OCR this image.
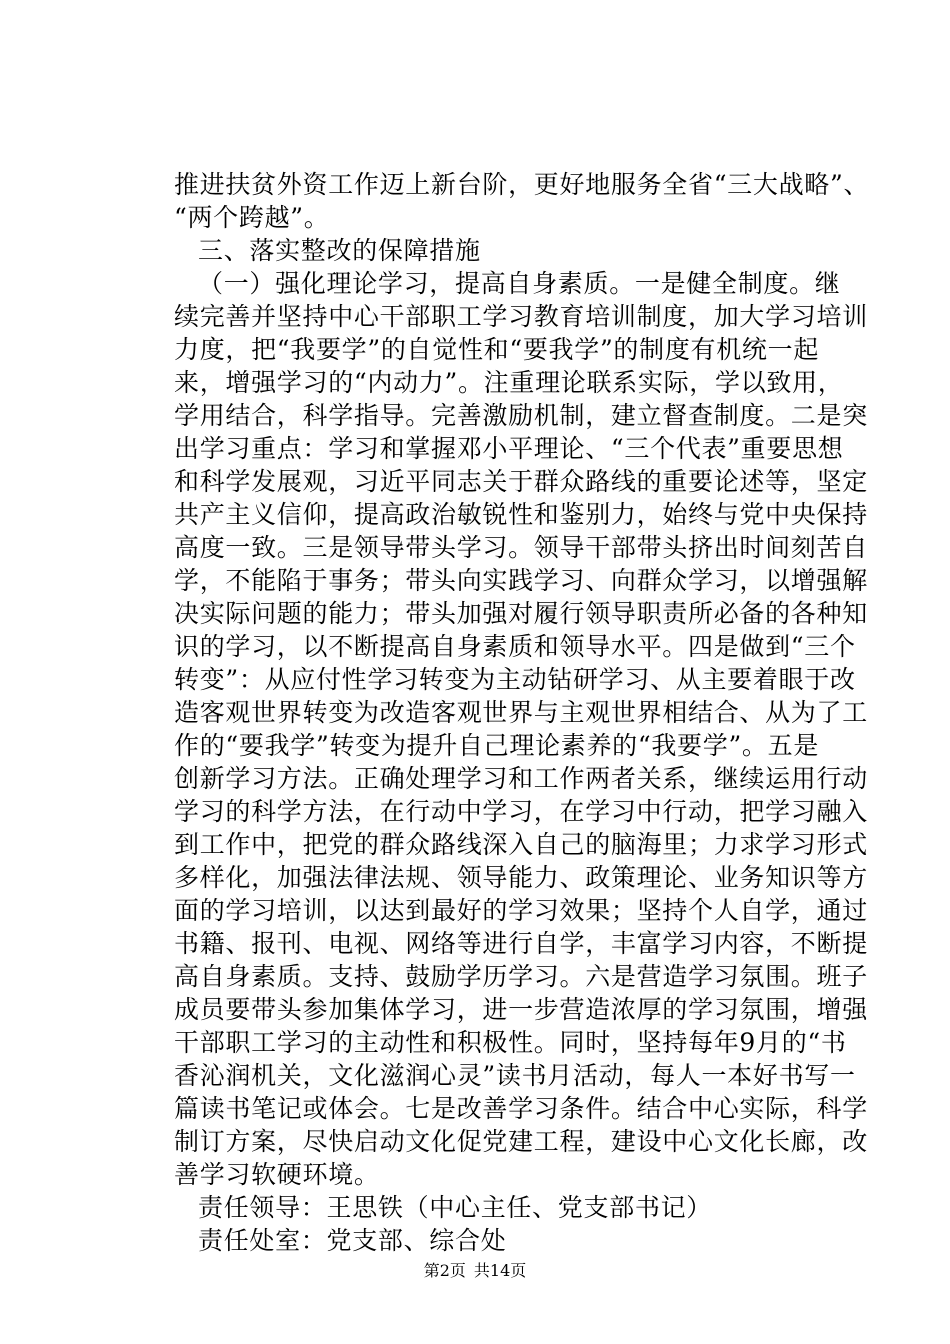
推进扶贫外资工作迈上新台阶，更好地服务全省“三大战略”、
“两个跨越”。
三、落实整改的保障措施
（一）强化理论学习，提高自身素质。一是健全制度。继
续完善并坚持中心干部职工学习教育培训制度，加大学习培训
力度，把“我要学”的自觉性和“要我学”的制度有机统一起
来，增强学习的“内动力”。注重理论联系实际，学以致用，
学用结合，科学指导。完善激励机制，建立督查制度。二是突
出学习重点：学习和掌握邓小平理论、“三个代表”重要思想
和科学发展观，习近平同志关于群众路线的重要论述等，坚定
共产主义信仰，提高政治敏锐性和鉴别力，始终与党中央保持
高度一致。三是领导带头学习。领导干部带头挤出时间刻苦自
学，不能陷于事务；带头向实践学习、向群众学习，以增强解
决实际问题的能力；带头加强对履行领导职责所必备的各种知
识的学习，以不断提高自身素质和领导水平。四是做到“三个
转变”：从应付性学习转变为主动钻研学习、从主要着眼于改
造客观世界转变为改造客观世界与主观世界相结合、从为了工
作的“要我学”转变为提升自己理论素养的“我要学”。五是
创新学习方法。正确处理学习和工作两者关系，继续运用行动
学习的科学方法，在行动中学习，在学习中行动，把学习融入
到工作中，把党的群众路线深入自己的脑海里；力求学习形式
多样化，加强法律法规、领导能力、政策理论、业务知识等方
面的学习培训，以达到最好的学习效果；坚持个人自学，通过
书籍、报刊、电视、网络等进行自学，丰富学习内容，不断提
高自身素质。支持、鼓励学历学习。六是营造学习氛围。班子
成员要带头参加集体学习，进一步营造浓厚的学习氛围，增强
干部职工学习的主动性和积极性。同时，坚持每年9月的“书
香沁润机关，文化滋润心灵”读书月活动，每人一本好书写一
篇读书笔记或体会。七是改善学习条件。结合中心实际，科学
制订方案，尽快启动文化促党建工程，建设中心文化长廊，改
善学习软硬环境。
责任领导：王思铁（中心主任、党支部书记）
责任处室：党支部、综合处
第2页 共14页
